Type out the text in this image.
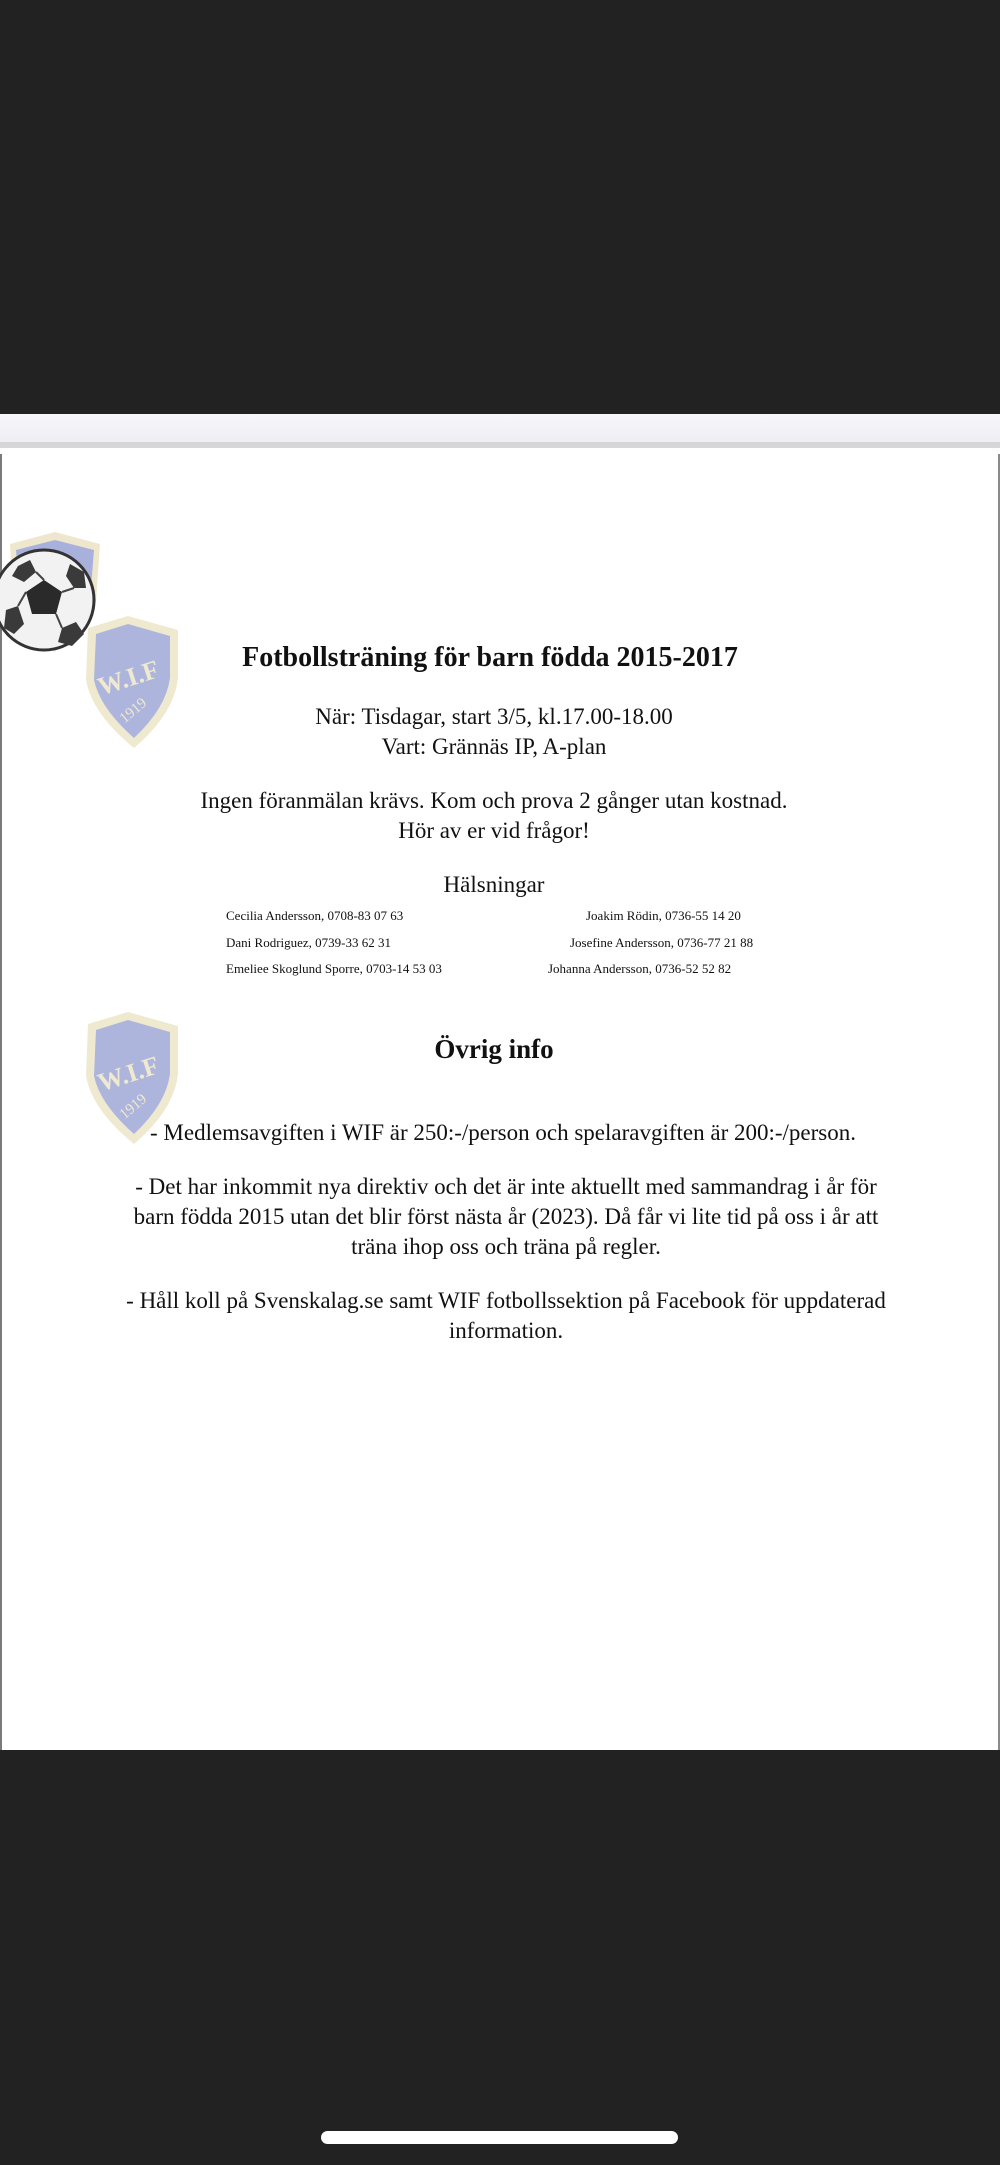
W.I.F
1919
W.I.F
1919
Fotbollsträning för barn födda 2015-2017
När: Tisdagar, start 3/5, kl.17.00-18.00
Vart: Grännäs IP, A-plan
Ingen föranmälan krävs. Kom och prova 2 gånger utan kostnad.
Hör av er vid frågor!
Hälsningar
Cecilia Andersson, 0708-83 07 63	Joakim Rödin, 0736-55 14 20
Dani Rodriguez, 0739-33 62 31	Josefine Andersson, 0736-77 21 88
Emeliee Skoglund Sporre, 0703-14 53 03	Johanna Andersson, 0736-52 52 82
Övrig info
- Medlemsavgiften i WIF är 250:-/person och spelaravgiften är 200:-/person.
- Det har inkommit nya direktiv och det är inte aktuellt med sammandrag i år för barn födda 2015 utan det blir först nästa år (2023). Då får vi lite tid på oss i år att träna ihop oss och träna på regler.
- Håll koll på Svenskalag.se samt WIF fotbollssektion på Facebook för uppdaterad information.
